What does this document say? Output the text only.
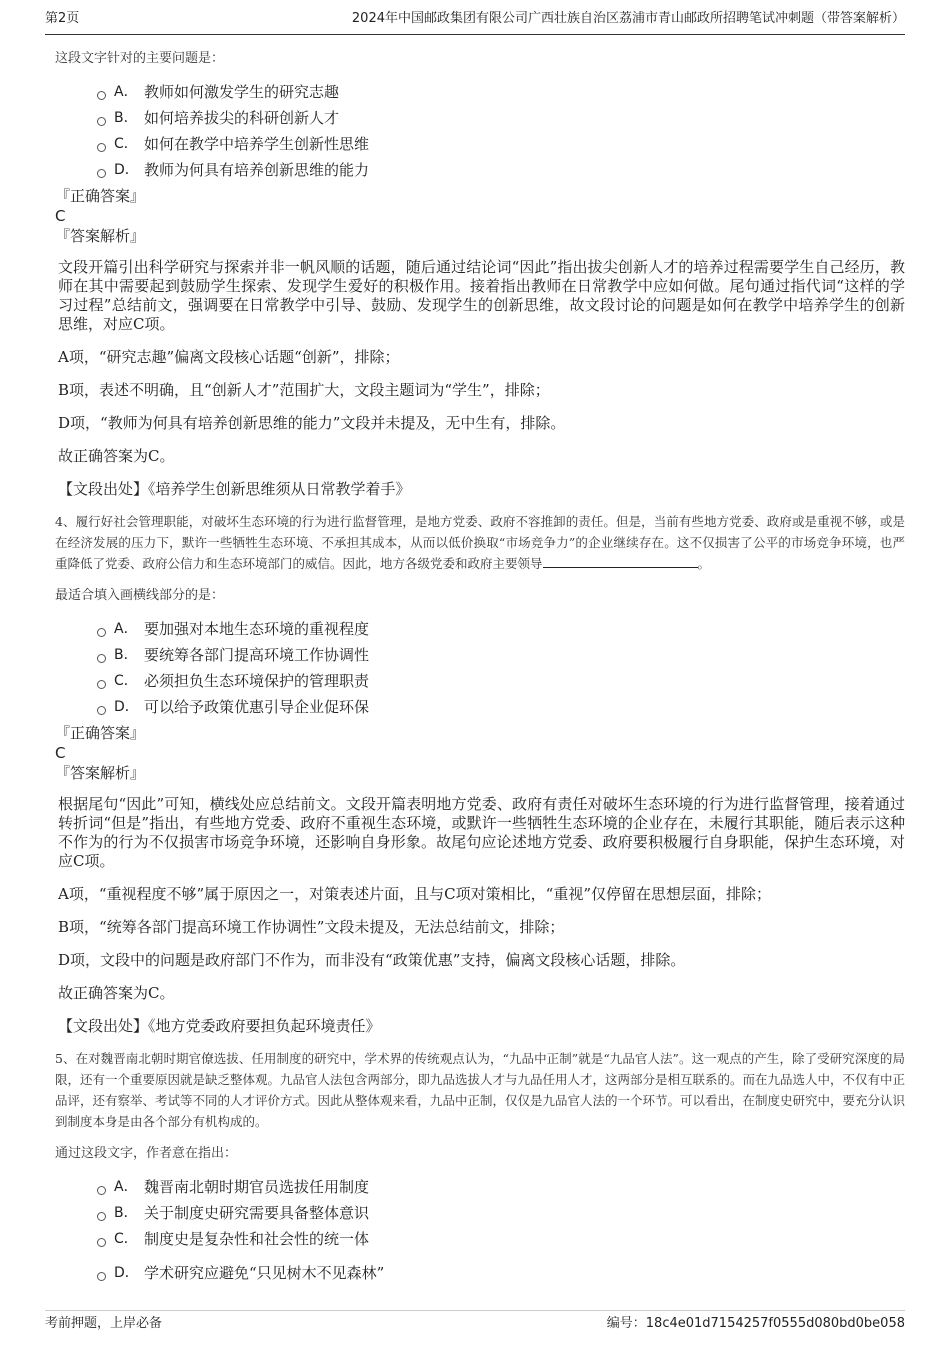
第2页	2024年中国邮政集团有限公司广西壮族自治区荔浦市青山邮政所招聘笔试冲刺题（带答案解析）
这段文字针对的主要问题是：
A． 教师如何激发学生的研究志趣
B． 如何培养拔尖的科研创新人才
C． 如何在教学中培养学生创新性思维
D． 教师为何具有培养创新思维的能力
『正确答案』
C
『答案解析』
文段开篇引出科学研究与探索并非一帆风顺的话题，随后通过结论词“因此”指出拔尖创新人才的培养过程需要学生自己经历，教师在其中需要起到鼓励学生探索、发现学生爱好的积极作用。接着指出教师在日常教学中应如何做。尾句通过指代词“这样的学习过程”总结前文，强调要在日常教学中引导、鼓励、发现学生的创新思维，故文段讨论的问题是如何在教学中培养学生的创新思维，对应C项。
A项，“研究志趣”偏离文段核心话题“创新”，排除；
B项，表述不明确，且“创新人才”范围扩大，文段主题词为“学生”，排除；
D项，“教师为何具有培养创新思维的能力”文段并未提及，无中生有，排除。
故正确答案为C。
【文段出处】《培养学生创新思维须从日常教学着手》
4、履行好社会管理职能，对破坏生态环境的行为进行监督管理，是地方党委、政府不容推卸的责任。但是，当前有些地方党委、政府或是重视不够，或是在经济发展的压力下，默许一些牺牲生态环境、不承担其成本，从而以低价换取“市场竞争力”的企业继续存在。这不仅损害了公平的市场竞争环境，也严重降低了党委、政府公信力和生态环境部门的威信。因此，地方各级党委和政府主要领导	。
最适合填入画横线部分的是：
A． 要加强对本地生态环境的重视程度
B． 要统筹各部门提高环境工作协调性
C． 必须担负生态环境保护的管理职责
D． 可以给予政策优惠引导企业促环保
『正确答案』
C
『答案解析』
根据尾句“因此”可知，横线处应总结前文。文段开篇表明地方党委、政府有责任对破坏生态环境的行为进行监督管理，接着通过转折词“但是”指出，有些地方党委、政府不重视生态环境，或默许一些牺牲生态环境的企业存在，未履行其职能，随后表示这种不作为的行为不仅损害市场竞争环境，还影响自身形象。故尾句应论述地方党委、政府要积极履行自身职能，保护生态环境，对应C项。
A项，“重视程度不够”属于原因之一，对策表述片面，且与C项对策相比，“重视”仅停留在思想层面，排除；
B项，“统筹各部门提高环境工作协调性”文段未提及，无法总结前文，排除；
D项，文段中的问题是政府部门不作为，而非没有“政策优惠”支持，偏离文段核心话题，排除。
故正确答案为C。
【文段出处】《地方党委政府要担负起环境责任》
5、在对魏晋南北朝时期官僚选拔、任用制度的研究中，学术界的传统观点认为，“九品中正制”就是“九品官人法”。这一观点的产生，除了受研究深度的局限，还有一个重要原因就是缺乏整体观。九品官人法包含两部分，即九品选拔人才与九品任用人才，这两部分是相互联系的。而在九品选人中，不仅有中正品评，还有察举、考试等不同的人才评价方式。因此从整体观来看，九品中正制，仅仅是九品官人法的一个环节。可以看出，在制度史研究中，要充分认识到制度本身是由各个部分有机构成的。
通过这段文字，作者意在指出：
A． 魏晋南北朝时期官员选拔任用制度
B． 关于制度史研究需要具备整体意识
C． 制度史是复杂性和社会性的统一体
D． 学术研究应避免“只见树木不见森林”
考前押题，上岸必备	编号：18c4e01d7154257f0555d080bd0be058
